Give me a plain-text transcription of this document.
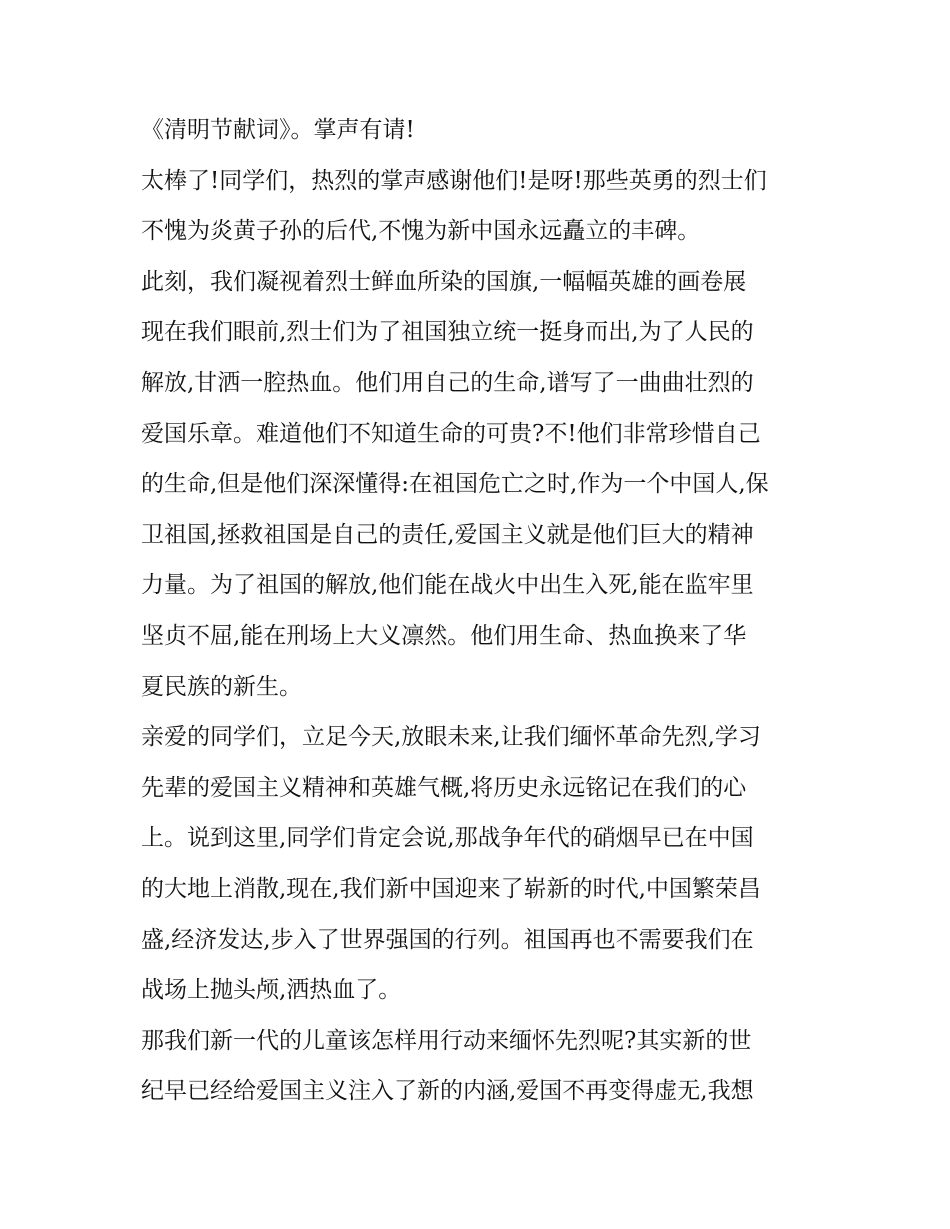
《清明节献词》。掌声有请!
太棒了!同学们，热烈的掌声感谢他们!是呀!那些英勇的烈士们
不愧为炎黄子孙的后代,不愧为新中国永远矗立的丰碑。
此刻，我们凝视着烈士鲜血所染的国旗,一幅幅英雄的画卷展
现在我们眼前,烈士们为了祖国独立统一挺身而出,为了人民的
解放,甘洒一腔热血。他们用自己的生命,谱写了一曲曲壮烈的
爱国乐章。难道他们不知道生命的可贵?不!他们非常珍惜自己
的生命,但是他们深深懂得:在祖国危亡之时,作为一个中国人,保
卫祖国,拯救祖国是自己的责任,爱国主义就是他们巨大的精神
力量。为了祖国的解放,他们能在战火中出生入死,能在监牢里
坚贞不屈,能在刑场上大义凛然。他们用生命、热血换来了华
夏民族的新生。
亲爱的同学们，立足今天,放眼未来,让我们缅怀革命先烈,学习
先辈的爱国主义精神和英雄气概,将历史永远铭记在我们的心
上。说到这里,同学们肯定会说,那战争年代的硝烟早已在中国
的大地上消散,现在,我们新中国迎来了崭新的时代,中国繁荣昌
盛,经济发达,步入了世界强国的行列。祖国再也不需要我们在
战场上抛头颅,洒热血了。
那我们新一代的儿童该怎样用行动来缅怀先烈呢?其实新的世
纪早已经给爱国主义注入了新的内涵,爱国不再变得虚无,我想
